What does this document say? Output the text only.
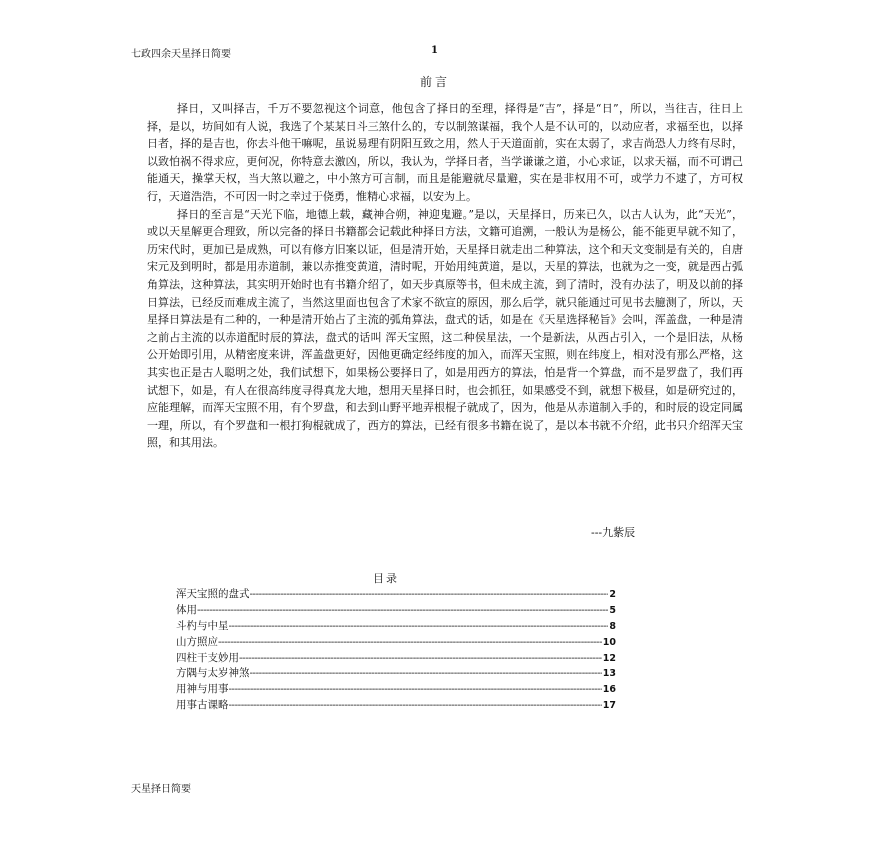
七政四余天星择日简要	1
前言

择日，又叫择吉，千万不要忽视这个词意，他包含了择日的至理，择得是“吉”，择是“日”，所以，当往吉，往日上择，是以，坊间如有人说，我选了个某某日斗三煞什么的，专以制煞谋福，我个人是不认可的，以动应者，求福至也，以择日者，择的是吉也，你去斗他干嘛呢，虽说易理有阴阳互致之用，然人于天道面前，实在太弱了，求吉尚恐人力终有尽时，以致怕祸不得求应，更何况，你特意去激凶，所以，我认为，学择日者，当学谦谦之道，小心求证，以求天福，而不可谓己能通天，操掌天权，当大煞以避之，中小煞方可言制，而且是能避就尽量避，实在是非权用不可，或学力不逮了，方可权行，天道浩浩，不可因一时之幸过于侥勇，惟精心求福，以安为上。

择日的至言是“天光下临，地德上载，藏神合朔，神迎鬼避。”是以，天星择日，历来已久，以古人认为，此“天光”，或以天星解更合理致，所以完备的择日书籍都会记载此种择日方法，文籍可追溯，一般认为是杨公，能不能更早就不知了，历宋代时，更加已是成熟，可以有修方旧案以证，但是清开始，天星择日就走出二种算法，这个和天文变制是有关的，自唐宋元及到明时，都是用赤道制，兼以赤推变黄道，清时呢，开始用纯黄道，是以，天星的算法，也就为之一变，就是西占弧角算法，这种算法，其实明开始时也有书籍介绍了，如天步真原等书，但未成主流，到了清时，没有办法了，明及以前的择日算法，已经反而难成主流了，当然这里面也包含了术家不欲宣的原因，那么后学，就只能通过可见书去臆测了，所以，天星择日算法是有二种的，一种是清开始占了主流的弧角算法，盘式的话，如是在《天星选择秘旨》会叫，浑盖盘，一种是清之前占主流的以赤道配时辰的算法，盘式的话叫 浑天宝照，这二种侯星法，一个是新法，从西占引入，一个是旧法，从杨公开始即引用，从精密度来讲，浑盖盘更好，因他更确定经纬度的加入，而浑天宝照，则在纬度上，相对没有那么严格，这其实也正是古人聪明之处，我们试想下，如果杨公要择日了，如是用西方的算法，怕是背一个算盘，而不是罗盘了，我们再试想下，如是，有人在很高纬度寻得真龙大地，想用天星择日时，也会抓狂，如果感受不到，就想下极昼，如是研究过的，应能理解，而浑天宝照不用，有个罗盘，和去到山野平地弄根棍子就成了，因为，他是从赤道制入手的，和时辰的设定同属一理，所以，有个罗盘和一根打狗棍就成了，西方的算法，已经有很多书籍在说了，是以本书就不介绍，此书只介绍浑天宝照，和其用法。

---九紫辰
目录
浑天宝照的盘式 -----	2
体用 -----	5
斗杓与中星 -----	8
山方照应 -----	10
四柱干支妙用 -----	12
方隅与太岁神煞 -----	13
用神与用事 -----	16
用事古课略 -----	17
天星择日简要
